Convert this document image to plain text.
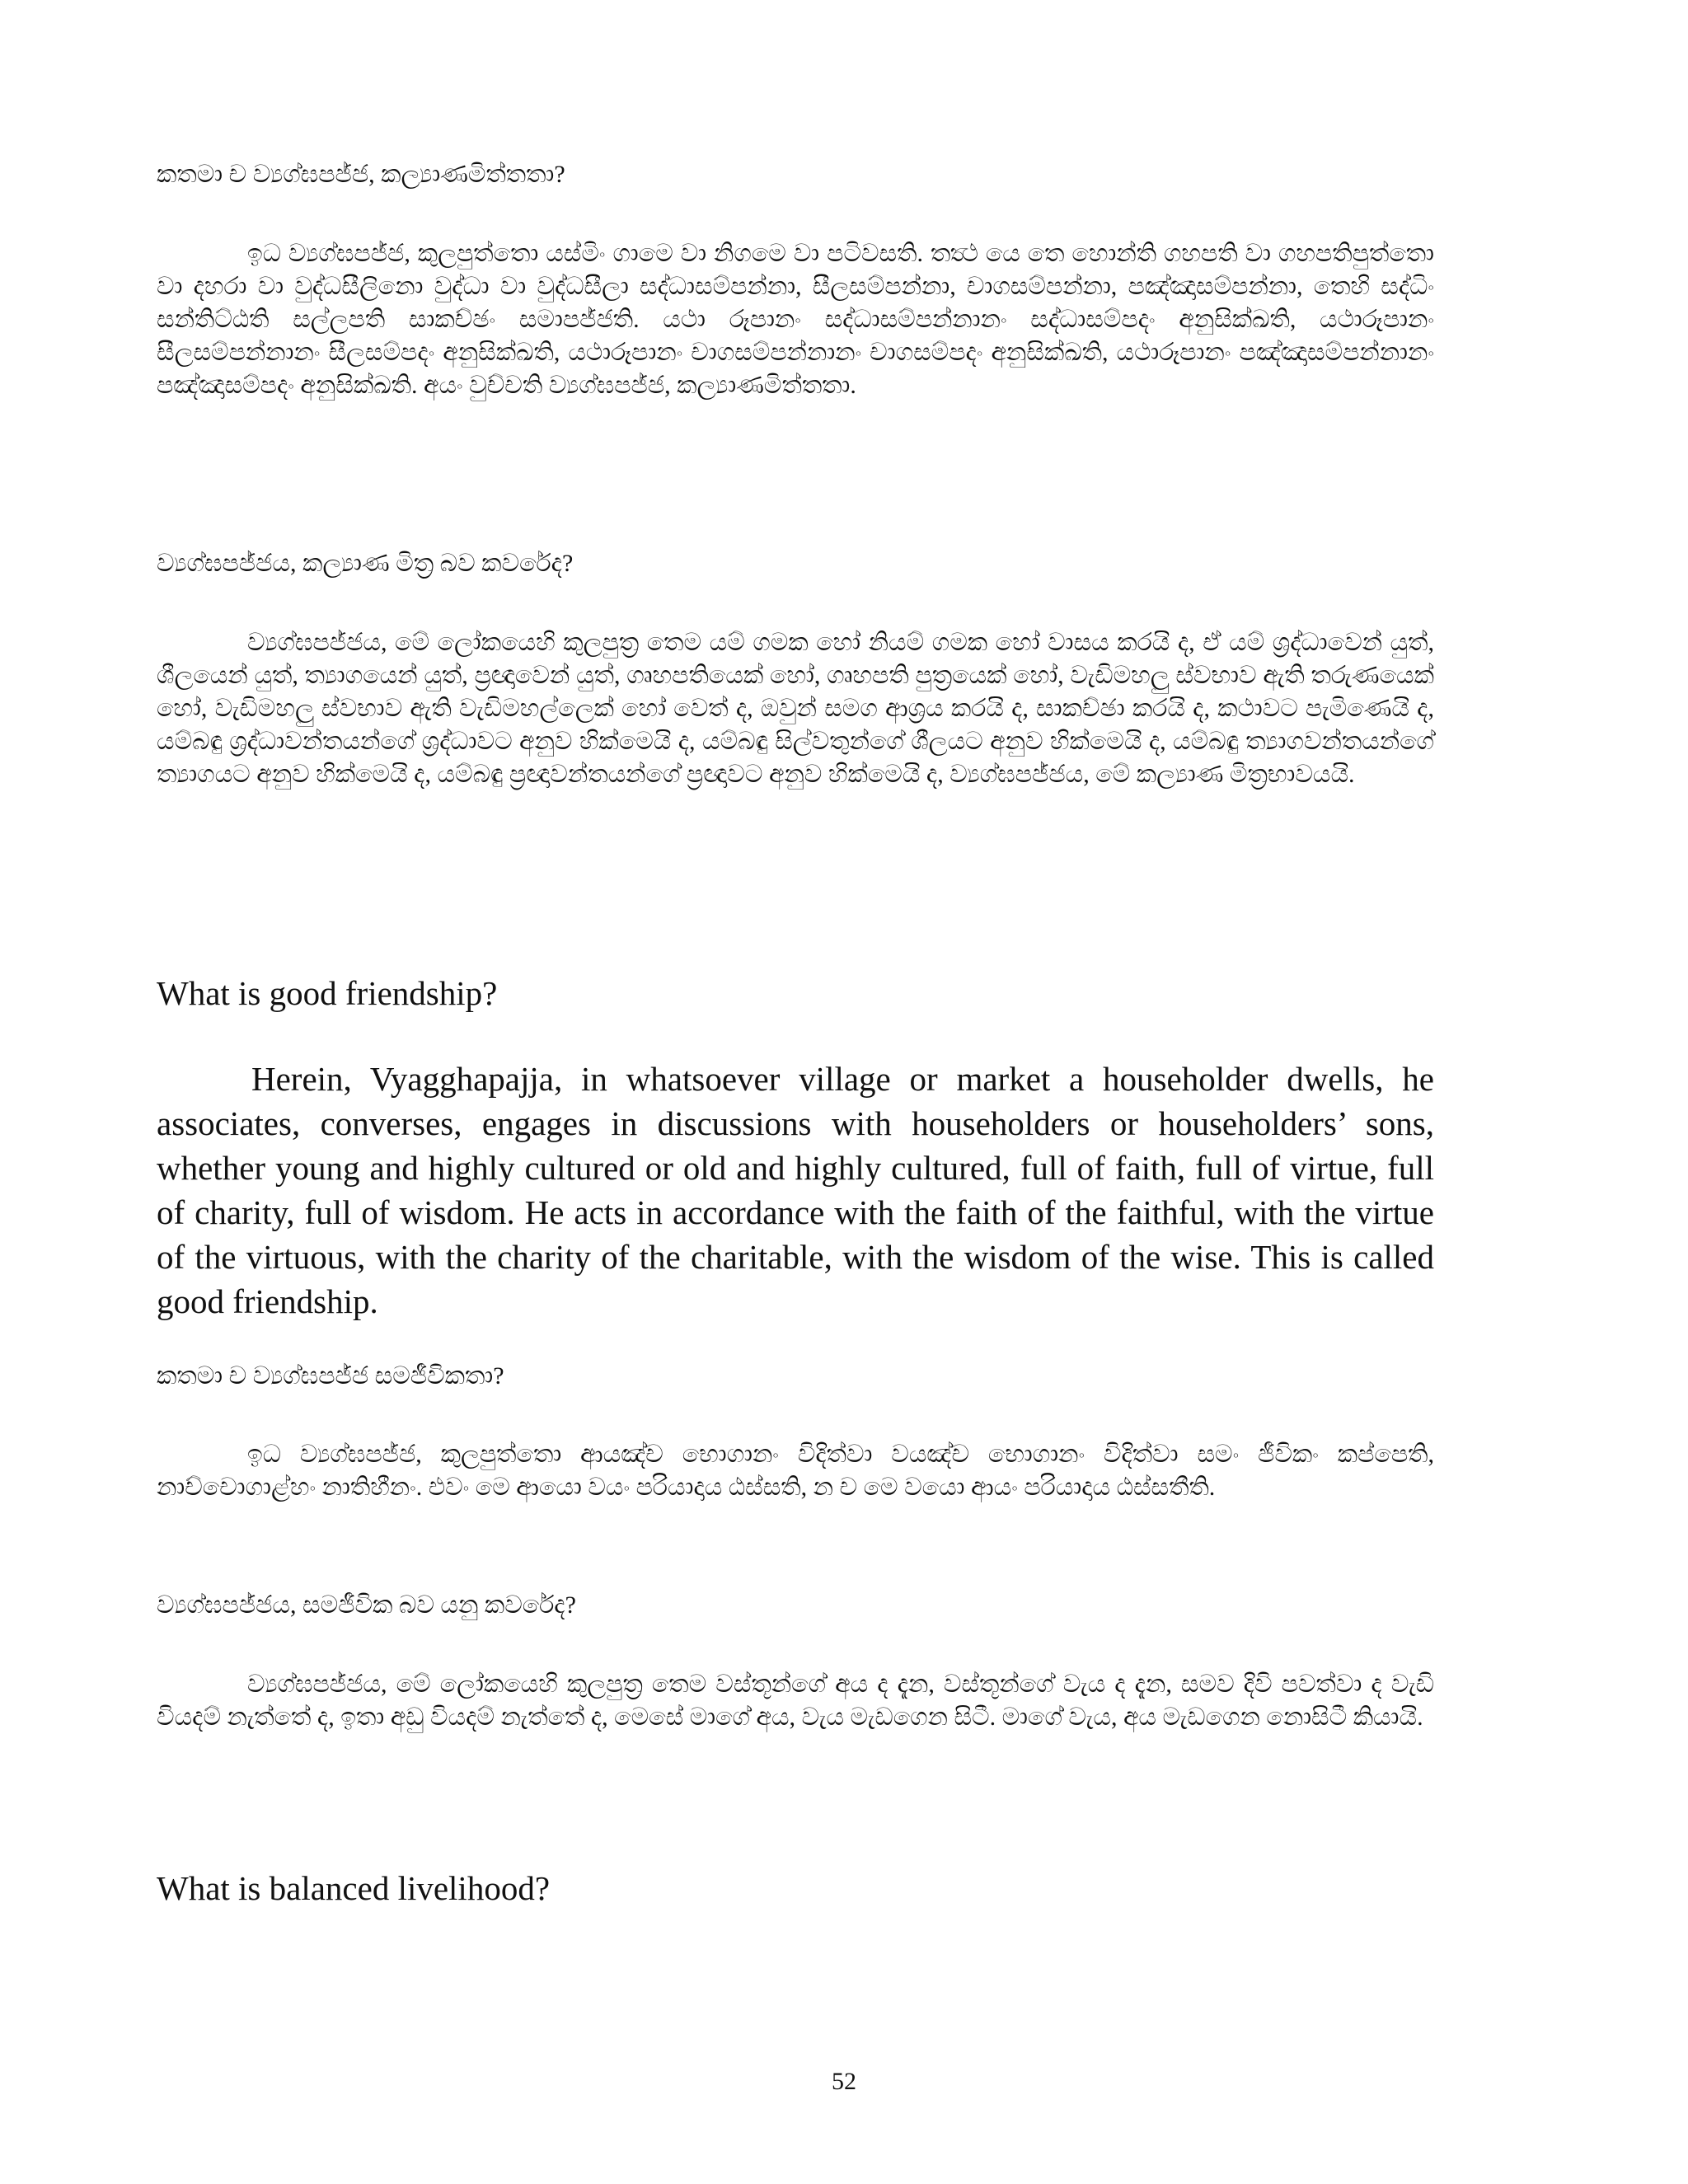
කතමා ච ව්‍යග්ඝපජ්ජ, කල්‍යාණමිත්තතා?

ඉධ ව්‍යග්ඝපජ්ජ, කුලපුත්තො යස්මිං ගාමෙ වා නිගමෙ වා පටිවසති. තත්‍ථ යෙ තෙ හොන්ති ගහපති වා ගහපතිපුත්තො වා දහරා වා වුද්ධසීලිනො වුද්ධා වා වුද්ධසීලා සද්ධාසම්පන්නා, සීලසම්පන්නා, චාගසම්පන්නා, පඤ්ඤාසම්පන්නා, තෙහි සද්ධිං සන්තිට්ඨති සල්ලපති සාකච්ඡං සමාපජ්ජති. යථා රූපානං සද්ධාසම්පන්නානං සද්ධාසම්පදං අනුසික්ඛති, යථාරූපානං සීලසම්පන්නානං සීලසම්පදං අනුසික්ඛති, යථාරූපානං චාගසම්පන්නානං චාගසම්පදං අනුසික්ඛති, යථාරූපානං පඤ්ඤාසම්පන්නානං පඤ්ඤාසම්පදං අනුසික්ඛති. අයං වුච්චති ව්‍යග්ඝපජ්ජ, කල්‍යාණමිත්තතා.

ව්‍යග්ඝපජ්ජය, කල්‍යාණ මිත්‍ර බව කවරේද?

ව්‍යග්ඝපජ්ජය, මේ ලෝකයෙහි කුලපුත්‍ර තෙම යම් ගමක හෝ නියම් ගමක හෝ වාසය කරයි ද, ඒ යම් ශ්‍රද්ධාවෙන් යුත්, ශීලයෙන් යුත්, ත්‍යාගයෙන් යුත්, ප්‍රඥාවෙන් යුත්, ගෘහපතියෙක් හෝ, ගෘහපති පුත්‍රයෙක් හෝ, වැඩිමහලු ස්වභාව ඇති තරුණයෙක් හෝ, වැඩිමහලු ස්වභාව ඇති වැඩිමහල්ලෙක් හෝ වෙත් ද, ඔවුන් සමග ආශ්‍රය කරයි ද, සාකච්ඡා කරයි ද, කථාවට පැමිණෙයි ද, යම්බඳු ශ්‍රද්ධාවන්තයන්ගේ ශ්‍රද්ධාවට අනුව හික්මෙයි ද, යම්බඳු සිල්වතුන්ගේ ශීලයට අනුව හික්මෙයි ද, යම්බඳු ත්‍යාගවන්තයන්ගේ ත්‍යාගයට අනුව හික්මෙයි ද, යම්බඳු ප්‍රඥාවන්තයන්ගේ ප්‍රඥාවට අනුව හික්මෙයි ද, ව්‍යග්ඝපජ්ජය, මේ කල්‍යාණ මිත්‍රභාවයයි.

What is good friendship?

Herein, Vyagghapajja, in whatsoever village or market a householder dwells, he associates, converses, engages in discussions with householders or householders’ sons, whether young and highly cultured or old and highly cultured, full of faith, full of virtue, full of charity, full of wisdom. He acts in accordance with the faith of the faithful, with the virtue of the virtuous, with the charity of the charitable, with the wisdom of the wise. This is called good friendship.

කතමා ච ව්‍යග්ඝපජ්ජ සමජීවිකතා?

ඉධ ව්‍යග්ඝපජ්ජ, කුලපුත්තො ආයඤ්ච භොගානං විදිත්වා වයඤ්ච භොගානං විදිත්වා සමං ජීවිකං කප්පෙති, නාච්චොගාළ්හං නාතිහීනං. එවං මෙ ආයො වයං පරියාදාය ඨස්සති, න ච මෙ වයො ආයං පරියාදාය ඨස්සතීති.

ව්‍යග්ඝපජ්ජය, සමජීවික බව යනු කවරේද?

ව්‍යග්ඝපජ්ජය, මේ ලෝකයෙහි කුලපුත්‍ර තෙම වස්තූන්ගේ අය ද දැන, වස්තූන්ගේ වැය ද දැන, සමව දිවි පවත්වා ද වැඩි වියදම් නැත්තේ ද, ඉතා අඩු වියදම් නැත්තේ ද, මෙසේ මාගේ අය, වැය මැඩගෙන සිටී. මාගේ වැය, අය මැඩගෙන නොසිටී කියායි.

What is balanced livelihood?
52
